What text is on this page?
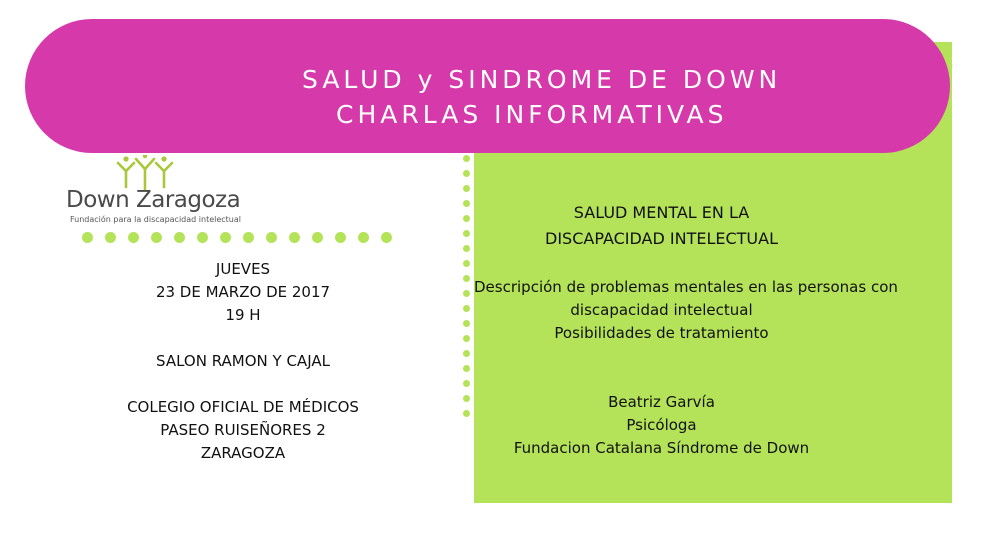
SALUD y SINDROME DE DOWN
CHARLAS INFORMATIVAS
Down Zaragoza
Fundación para la discapacidad intelectual
JUEVES
23 DE MARZO DE 2017
19 H
SALON RAMON Y CAJAL
COLEGIO OFICIAL DE MÉDICOS
PASEO RUISEÑORES 2
ZARAGOZA
SALUD MENTAL EN LA
DISCAPACIDAD INTELECTUAL
Descripción de problemas mentales en las personas con
discapacidad intelectual
Posibilidades de tratamiento
Beatriz Garvía
Psicóloga
Fundacion Catalana Síndrome de Down
